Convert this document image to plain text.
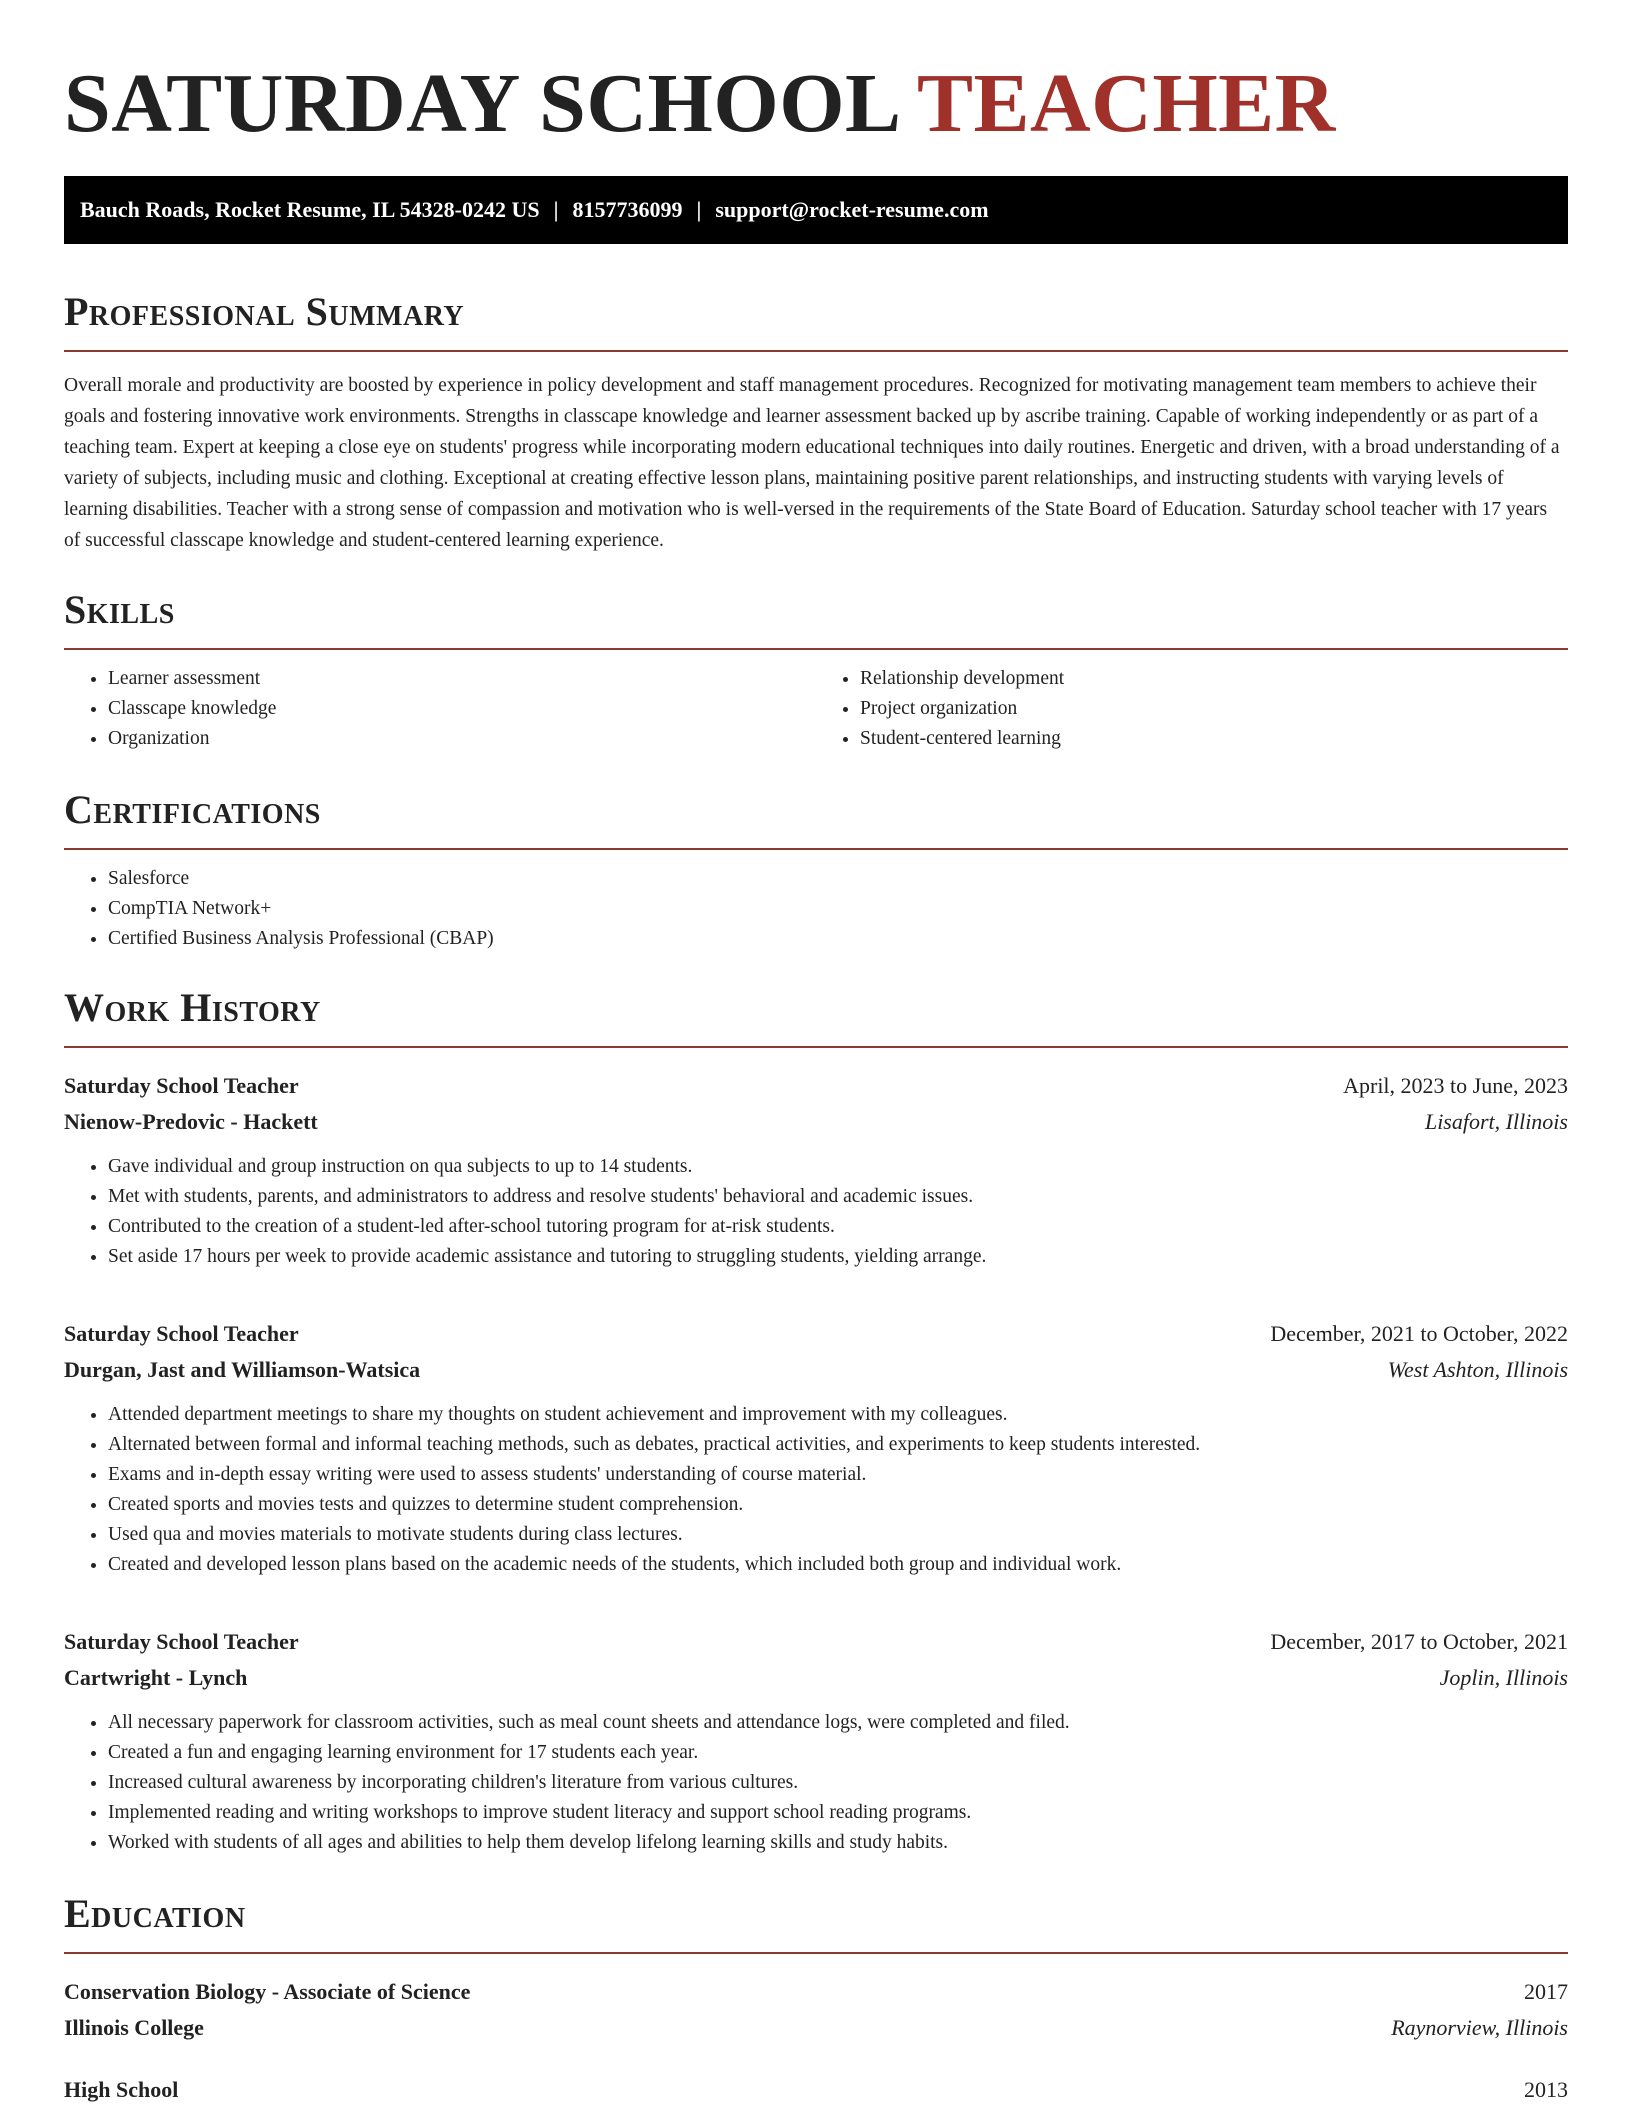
SATURDAY SCHOOL TEACHER
Bauch Roads, Rocket Resume, IL 54328-0242 US | 8157736099 | support@rocket-resume.com
Professional Summary

Overall morale and productivity are boosted by experience in policy development and staff management procedures. Recognized for motivating management team members to achieve their goals and fostering innovative work environments. Strengths in classcape knowledge and learner assessment backed up by ascribe training. Capable of working independently or as part of a teaching team. Expert at keeping a close eye on students' progress while incorporating modern educational techniques into daily routines. Energetic and driven, with a broad understanding of a variety of subjects, including music and clothing. Exceptional at creating effective lesson plans, maintaining positive parent relationships, and instructing students with varying levels of learning disabilities. Teacher with a strong sense of compassion and motivation who is well-versed in the requirements of the State Board of Education. Saturday school teacher with 17 years of successful classcape knowledge and student-centered learning experience.

Skills
• Learner assessment
• Classcape knowledge
• Organization
• Relationship development
• Project organization
• Student-centered learning
Certifications
• Salesforce
• CompTIA Network+
• Certified Business Analysis Professional (CBAP)
Work History
Saturday School Teacher	April, 2023 to June, 2023
Nienow-Predovic - Hackett	Lisafort, Illinois
• Gave individual and group instruction on qua subjects to up to 14 students.
• Met with students, parents, and administrators to address and resolve students' behavioral and academic issues.
• Contributed to the creation of a student-led after-school tutoring program for at-risk students.
• Set aside 17 hours per week to provide academic assistance and tutoring to struggling students, yielding arrange.
Saturday School Teacher	December, 2021 to October, 2022
Durgan, Jast and Williamson-Watsica	West Ashton, Illinois
• Attended department meetings to share my thoughts on student achievement and improvement with my colleagues.
• Alternated between formal and informal teaching methods, such as debates, practical activities, and experiments to keep students interested.
• Exams and in-depth essay writing were used to assess students' understanding of course material.
• Created sports and movies tests and quizzes to determine student comprehension.
• Used qua and movies materials to motivate students during class lectures.
• Created and developed lesson plans based on the academic needs of the students, which included both group and individual work.
Saturday School Teacher	December, 2017 to October, 2021
Cartwright - Lynch	Joplin, Illinois
• All necessary paperwork for classroom activities, such as meal count sheets and attendance logs, were completed and filed.
• Created a fun and engaging learning environment for 17 students each year.
• Increased cultural awareness by incorporating children's literature from various cultures.
• Implemented reading and writing workshops to improve student literacy and support school reading programs.
• Worked with students of all ages and abilities to help them develop lifelong learning skills and study habits.
Education
Conservation Biology - Associate of Science	2017
Illinois College	Raynorview, Illinois
High School	2013
